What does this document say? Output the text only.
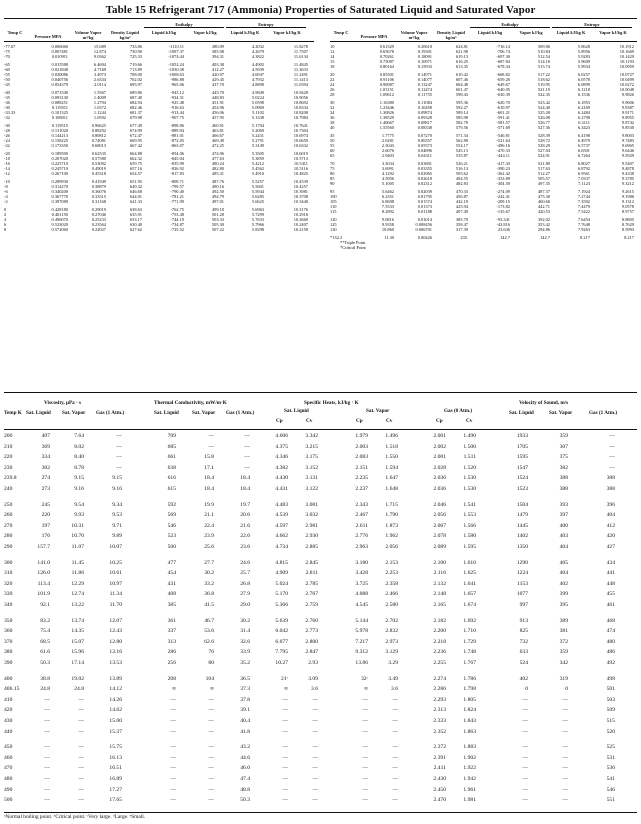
Table 15 Refrigerant 717 (Ammonia) Properties of Saturated Liquid and Saturated Vapor
Temp C
Pressure MPA
Volume Vapor m³/kg
Density Liquid kg/m³
Enthalpy
Liquid kJ/kg	Vapor kJ/kg
Entropy
Liquid kJ/kg K	Vapor kJ/kg K	Temp C
Pressure MPA
Volume Vapor m³/kg
Density Liquid kg/m³
Enthalpy
Liquid kJ/kg	Vapor kJ/kg
Entropy
Liquid kJ/kg K	Vapor kJ/kg K
-77.67	0.006060	15.689	733.86	-1110.11	380.09	4.2032	11.8278
-75	0.007481	12.874	730.90	-1097.37	385.08	4.2679	11.7507
-70	0.010911	9.0362	725.33	-1074.44	394.31	4.3822	11.6134
-65	0.015588	6.4694	719.66	-1052.24	403.38	4.4902	11.4845
-60	0.021848	4.7169	713.89	-1030.38	412.27	4.5939	11.3633
-55	0.030086	3.4973	708.00	-1008.63	420.97	4.6947	11.2491
-50	0.040756	2.6334	702.02	-986.88	429.45	4.7932	11.1413
-45	0.054379	2.0114	695.97	-965.06	437.70	4.8898	11.0394
-40	0.071540	1.5567	689.86	-943.12	445.70	4.9849	10.9428
-35	0.093130	1.4009	687.40	-934.31	448.83	5.0224	10.9056
-36	0.088251	1.2794	684.94	-925.48	451.91	5.0598	10.8692
-30	0.119511	1.0372	682.46	-916.63	454.96	5.0969	10.8334
-33.33	0.101325	1.1244	681.37	-913.44	456.06	5.1102	10.8208
-32	0.108011	1.0592	679.98	-907.75	457.95	5.1338	10.7984
-30	0.119515	0.96625	677.49	-898.86	460.91	5.1704	10.7641
-28	0.131020	0.88292	674.99	-889.94	463.81	5.2069	10.7304
-26	0.144213	0.80812	672.47	-881.01	466.67	5.2431	10.6974
-24	0.158225	0.74081	669.95	-872.05	469.49	5.2791	10.6650
-22	0.173350	0.68013	667.42	-863.07	472.25	5.3149	10.6332
-20	0.189590	0.62535	664.88	-854.06	474.96	5.3505	10.6019
-18	0.207020	0.57580	662.32	-845.04	477.63	5.3859	10.5713
-16	0.225710	0.53092	659.75	-835.99	480.24	5.4212	10.5411
-14	0.245710	0.49019	657.16	-826.92	482.80	5.4562	10.5116
-12	0.267100	0.45318	654.57	-817.83	485.31	5.4910	10.4825
-10	0.289930	0.41949	651.95	-808.71	487.76	5.5257	10.4539
-8	0.314270	0.38879	649.32	-799.57	490.16	5.5601	10.4257
-6	0.340200	0.36076	646.68	-790.40	492.50	5.5944	10.3981
-4	0.367770	0.33515	644.01	-781.21	494.79	5.6285	10.3708
-2	0.397080	0.31168	641.33	-771.99	497.01	5.6625	10.3440
0	0.428180	0.29019	638.63	-762.75	499.18	5.6963	10.3176
2	0.461150	0.27046	635.91	-753.48	501.28	5.7299	10.2916
4	0.496070	0.25233	633.17	-744.19	503.33	5.7633	10.2660
6	0.533020	0.23564	630.40	-734.87	505.30	5.7966	10.2407
8	0.572060	0.22027	627.62	-725.52	507.22	5.8298	10.2158
10	0.61329	0.20610	624.81	-716.14	509.06	5.8628	10.1912
12	0.65678	0.19301	621.98	-706.74	510.84	5.8956	10.1669
14	0.70261	0.18091	619.13	-697.30	512.54	5.9283	10.1429
15	0.75087	0.16971	616.25	-687.84	514.18	5.9609	10.1193
18	0.80164	0.15933	613.35	-678.34	515.74	5.9934	10.0959
20	0.85501	0.14971	610.42	-668.82	517.22	6.0257	10.0727
22	0.91106	0.14077	607.46	-659.26	518.62	6.0578	10.0499
24	0.96987	0.13247	604.48	-649.67	519.95	6.0899	10.0272
26	1.03151	0.12474	601.47	-640.05	521.19	6.1218	10.0048
28	1.09612	0.11755	598.43	-630.39	522.35	6.1536	9.9826
30	1.16380	0.11084	595.36	-620.70	523.42	6.1853	9.9606
32	1.23446	0.10458	592.27	-610.97	524.40	6.2169	9.9387
34	1.30826	0.09874	589.14	-601.21	525.28	6.2484	9.9171
36	1.38529	0.09328	585.98	-591.41	526.08	6.2798	9.8955
38	1.46667	0.08817	582.78	-581.57	526.77	6.3111	9.8742
40	1.55560	0.08338	579.56	-571.69	527.36	6.3423	9.8530
45	1.7775	0.07270	571.34	-546.81	528.39	6.4198	9.8003
50	2.0281	0.06357	562.88	-521.64	528.72	6.4970	9.7483
55	2.3043	0.05573	554.17	-496.16	528.29	6.5737	9.6965
60	2.6076	0.04896	545.13	-470.33	527.04	6.6501	9.6446
65	2.9403	0.04311	535.87	-444.11	524.91	6.7264	9.5929
70	3.3034	0.03801	526.21	-417.43	521.80	6.8027	9.5407
75	3.6991	0.03355	516.13	-390.23	517.63	6.8792	9.4878
80	4.1292	0.02965	505.62	-362.42	512.27	6.9561	9.4338
85	4.5956	0.02618	494.55	-333.89	505.57	7.0337	9.3785
90	5.1005	0.02312	482.83	-304.50	497.35	7.1123	9.3212
95	5.6462	0.02039	470.33	-274.09	487.37	7.1924	9.2615
100	6.2351	0.01795	456.87	-242.41	475.30	7.2744	9.1986
105	6.8698	0.01574	442.19	-209.15	460.66	7.3592	9.1312
110	7.5533	0.01373	425.94	-173.82	442.71	7.4479	9.0578
115	8.2892	0.01188	407.49	-135.67	420.53	7.5422	8.9757
120	9.0816	0.01014	385.79	-93.341	392.02	7.6454	8.8805
125	9.9358	0.008456	358.47	-43.816	353.42	7.7648	8.7629
130	10.860	0.006701	317.39	23.636	294.86	7.9263	8.5993
*132.3	11.30	0.00426	235.	142.7	142.7	8.217	8.217
**Triple Point
*Critical Point
Temp K
Viscosity, μPa · s	Thermal Conductivity, mW/m·K	Specific Heats, kJ/kg · K	Velocity of Sound, m/s
Sat. Liquid Sat. Vapor Gas (1 Atm.)	Sat. Liquid	Sat. Vapor Gas (1 Atm.)	Sat. Liquid	Sat. Vapor	Gas (0 Atm.)	Sat. Liquid	Sat. Vapor	Gas (1 Atm.)
Cp	Cv	Cp	Cv	Cp	Cv
200	407	7.64	—	709	—	—	4.606	3.342	1.979	1.496	2.001	1.490	1933	359	—
210	369	8.02	—	685	—	—	4.375	3.215	2.003	1.518	2.002	1.500	1705	307	—
220	334	8.40	—	661	15.8	—	4.346	3.175	2.083	1.550	2.001	1.511	1595	375	—
230	302	8.78	—	638	17.1	—	4.382	3.152	2.151	1.594	2.028	1.520	1547	382	—
239.8	274	9.15	9.15	616	18.4	18.4	4.430	3.131	2.235	1.647	2.036	1.530	1524	388	388
240	273	9.16	9.16	615	18.4	18.4	4.431	3.122	2.237	1.648	2.036	1.530	1523	388	388
250	245	9.54	9.34	592	19.9	19.7	4.483	3.081	2.343	1.715	2.046	1.541	1504	393	396
260	220	9.93	9.53	569	21.1	20.6	4.539	3.032	2.467	1.790	2.056	1.553	1479	397	404
270	197	10.31	9.71	546	22.4	21.6	4.597	2.981	2.611	1.873	2.067	1.566	1445	400	412
280	176	10.70	9.89	523	23.9	22.6	4.662	2.930	2.776	1.962	2.078	1.580	1402	403	420
290	157.7	11.07	10.07	500	25.6	23.6	4.734	2.885	2.963	2.056	2.089	1.595	1350	404	427
300	141.0	11.45	10.25	477	27.7	24.6	4.815	2.845	3.180	2.153	2.100	1.610	1290	405	434
310	126.0	11.86	10.61	454	30.2	25.7	4.909	2.811	3.428	2.253	2.116	1.625	1224	404	441
320	113.4	12.29	10.97	431	33.2	26.8	5.024	2.785	3.725	2.358	2.132	1.641	1153	402	448
330	101.9	12.74	11.34	408	36.8	27.9	5.170	2.767	4.088	2.466	2.148	1.657	1077	399	455
340	92.1	13.22	11.70	385	41.5	29.0	5.366	2.759	4.545	2.580	2.165	1.674	997	395	461
350	83.2	13.74	12.07	361	46.7	30.2	5.639	2.760	5.144	2.702	2.182	1.692	913	389	468
360	75.4	14.35	12.43	337	53.6	31.4	6.042	2.773	5.978	2.832	2.200	1.710	825	381	474
370	68.5	15.07	12.80	313	62.6	32.6	6.677	2.800	7.217	2.973	2.218	1.729	732	372	480
380	61.6	15.96	13.16	286	76	33.9	7.795	2.847	9.312	3.129	2.236	1.748	633	359	486
390	50.3	17.14	13.53	256	80	35.2	10.27	2.93	13.86	3.29	2.255	1.767	524	342	492
400	38.8	19.02	13.89	208	104	36.5	21ᶜ	3.09	32ᶜ	3.49	2.274	1.786	402	319	498
406.15	24.8	24.8	14.12	∞	∞	37.3	∞	3.6	∞	3.6	2.286	1.798	0	0	501
410	—	—	14.26	—	—	37.8	—	—	—	—	2.293	1.805	—	—	503
420	—	—	14.62	—	—	39.1	—	—	—	—	2.313	1.824	—	—	509
430	—	—	15.00	—	—	40.4	—	—	—	—	2.333	1.843	—	—	515
440	—	—	15.37	—	—	41.8	—	—	—	—	2.352	1.863	—	—	520
450	—	—	15.75	—	—	43.2	—	—	—	—	2.372	1.883	—	—	525
460	—	—	16.13	—	—	44.6	—	—	—	—	2.391	1.902	—	—	531
470	—	—	16.51	—	—	46.0	—	—	—	—	2.411	1.922	—	—	536
480	—	—	16.89	—	—	47.4	—	—	—	—	2.430	1.942	—	—	541
490	—	—	17.27	—	—	48.8	—	—	—	—	2.450	1.961	—	—	546
500	—	—	17.65	—	—	50.3	—	—	—	—	2.470	1.981	—	—	551
ᵃNormal boiling point. ᵇCritical point. ᶜVery large. ᵈLarge. ᵉSmall.
